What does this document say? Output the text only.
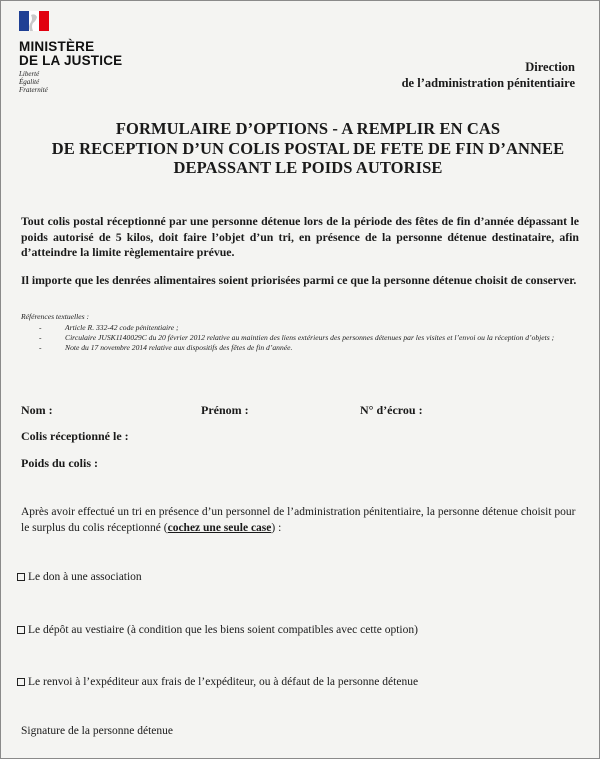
MINISTÈRE
DE LA JUSTICE
Liberté
Égalité
Fraternité
Direction
de l’administration pénitentiaire
FORMULAIRE D’OPTIONS - A REMPLIR EN CAS
DE RECEPTION D’UN COLIS POSTAL DE FETE DE FIN D’ANNEE
DEPASSANT LE POIDS AUTORISE
Tout colis postal réceptionné par une personne détenue lors de la période des fêtes de fin d’année dépassant le poids autorisé de 5 kilos, doit faire l’objet d’un tri, en présence de la personne détenue destinataire, afin d’atteindre la limite règlementaire prévue.
Il importe que les denrées alimentaires soient priorisées parmi ce que la personne détenue choisit de conserver.
Références textuelles :
- Article R. 332-42 code pénitentiaire ;
- Circulaire JUSK1140029C du 20 février 2012 relative au maintien des liens extérieurs des personnes détenues par les visites et l’envoi ou la réception d’objets ;
- Note du 17 novembre 2014 relative aux dispositifs des fêtes de fin d’année.
Nom :	Prénom :	N° d’écrou :
Colis réceptionné le :
Poids du colis :
Après avoir effectué un tri en présence d’un personnel de l’administration pénitentiaire, la personne détenue choisit pour le surplus du colis réceptionné (cochez une seule case) :
Le don à une association
Le dépôt au vestiaire (à condition que les biens soient compatibles avec cette option)
Le renvoi à l’expéditeur aux frais de l’expéditeur, ou à défaut de la personne détenue
Signature de la personne détenue
